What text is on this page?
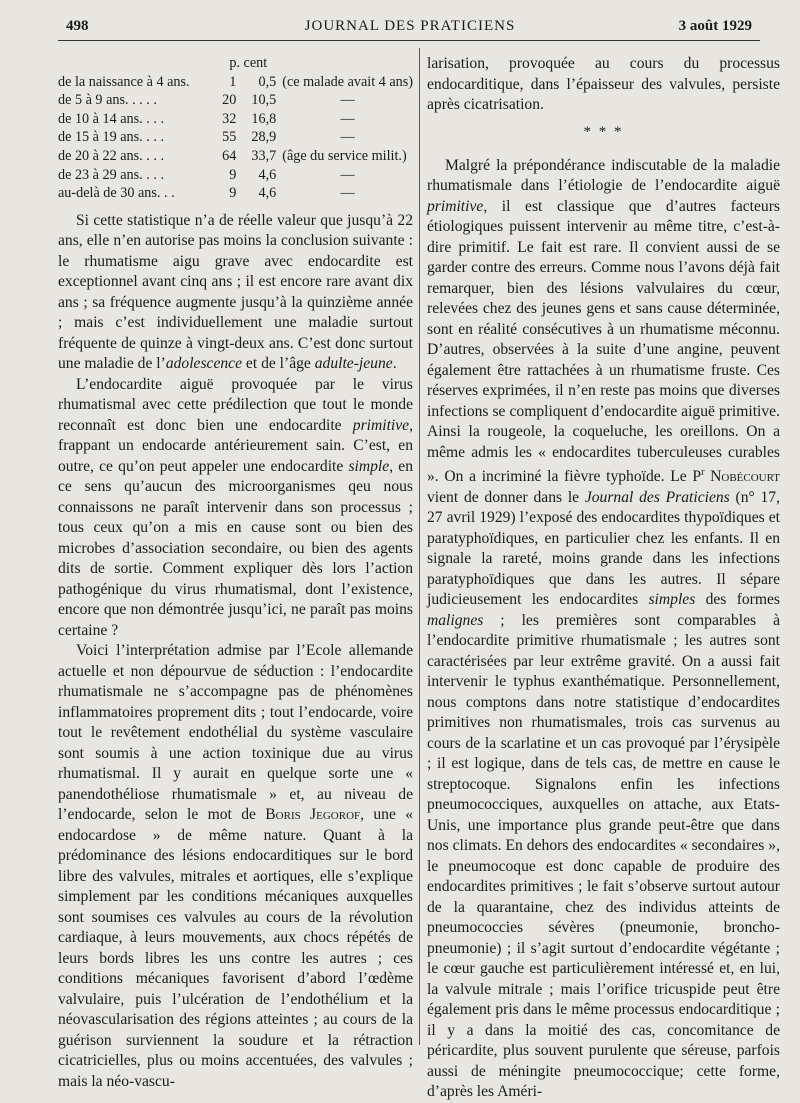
498	JOURNAL DES PRATICIENS	3 août 1929
	p. cent		
de la naissance à 4 ans.	1	0,5	(ce malade avait 4 ans)
de 5 à 9 ans. . . . .	20	10,5	—
de 10 à 14 ans. . . .	32	16,8	—
de 15 à 19 ans. . . .	55	28,9	—
de 20 à 22 ans. . . .	64	33,7	(âge du service milit.)
de 23 à 29 ans. . . .	9	4,6	—
au-delà de 30 ans. . .	9	4,6	—

Si cette statistique n’a de réelle valeur que jusqu’à 22 ans, elle n’en autorise pas moins la conclusion suivante : le rhumatisme aigu grave avec endocardite est exceptionnel avant cinq ans ; il est encore rare avant dix ans ; sa fréquence augmente jusqu’à la quinzième année ; mais c’est individuellement une maladie surtout fréquente de quinze à vingt-deux ans. C’est donc surtout une maladie de l’adolescence et de l’âge adulte-jeune.

L’endocardite aiguë provoquée par le virus rhumatismal avec cette prédilection que tout le monde reconnaît est donc bien une endocardite primitive, frappant un endocarde antérieurement sain. C’est, en outre, ce qu’on peut appeler une endocardite simple, en ce sens qu’aucun des microorganismes qeu nous connaissons ne paraît intervenir dans son processus ; tous ceux qu’on a mis en cause sont ou bien des microbes d’association secondaire, ou bien des agents dits de sortie. Comment expliquer dès lors l’action pathogénique du virus rhumatismal, dont l’existence, encore que non démontrée jusqu’ici, ne paraît pas moins certaine ?

Voici l’interprétation admise par l’Ecole allemande actuelle et non dépourvue de séduction : l’endocardite rhumatismale ne s’accompagne pas de phénomènes inflammatoires proprement dits ; tout l’endocarde, voire tout le revêtement endothélial du système vasculaire sont soumis à une action toxinique due au virus rhumatismal. Il y aurait en quelque sorte une « panendothéliose rhumatismale » et, au niveau de l’endocarde, selon le mot de Boris Jegorof, une « endocardose » de même nature. Quant à la prédominance des lésions endocarditiques sur le bord libre des valvules, mitrales et aortiques, elle s’explique simplement par les conditions mécaniques auxquelles sont soumises ces valvules au cours de la révolution cardiaque, à leurs mouvements, aux chocs répétés de leurs bords libres les uns contre les autres ; ces conditions mécaniques favorisent d’abord l’œdème valvulaire, puis l’ulcération de l’endothélium et la néovascularisation des régions atteintes ; au cours de la guérison surviennent la soudure et la rétraction cicatricielles, plus ou moins accentuées, des valvules ; mais la néo-vascu-

larisation, provoquée au cours du processus endocarditique, dans l’épaisseur des valvules, persiste après cicatrisation.

* * *

Malgré la prépondérance indiscutable de la maladie rhumatismale dans l’étiologie de l’endocardite aiguë primitive, il est classique que d’autres facteurs étiologiques puissent intervenir au même titre, c’est-à-dire primitif. Le fait est rare. Il convient aussi de se garder contre des erreurs. Comme nous l’avons déjà fait remarquer, bien des lésions valvulaires du cœur, relevées chez des jeunes gens et sans cause déterminée, sont en réalité consécutives à un rhumatisme méconnu. D’autres, observées à la suite d’une angine, peuvent également être rattachées à un rhumatisme fruste. Ces réserves exprimées, il n’en reste pas moins que diverses infections se compliquent d’endocardite aiguë primitive. Ainsi la rougeole, la coqueluche, les oreillons. On a même admis les « endocardites tuberculeuses curables ». On a incriminé la fièvre typhoïde. Le $P^r$ Nobécourt vient de donner dans le Journal des Praticiens (n° 17, 27 avril 1929) l’exposé des endocardites thypoïdiques et paratyphoïdiques, en particulier chez les enfants. Il en signale la rareté, moins grande dans les infections paratyphoïdiques que dans les autres. Il sépare judicieusement les endocardites simples des formes malignes ; les premières sont comparables à l’endocardite primitive rhumatismale ; les autres sont caractérisées par leur extrême gravité. On a aussi fait intervenir le typhus exanthématique. Personnellement, nous comptons dans notre statistique d’endocardites primitives non rhumatismales, trois cas survenus au cours de la scarlatine et un cas provoqué par l’érysipèle ; il est logique, dans de tels cas, de mettre en cause le streptocoque. Signalons enfin les infections pneumococciques, auxquelles on attache, aux Etats-Unis, une importance plus grande peut-être que dans nos climats. En dehors des endocardites « secondaires », le pneumocoque est donc capable de produire des endocardites primitives ; le fait s’observe surtout autour de la quarantaine, chez des individus atteints de pneumococcies sévères (pneumonie, broncho-pneumonie) ; il s’agit surtout d’endocardite végétante ; le cœur gauche est particulièrement intéressé et, en lui, la valvule mitrale ; mais l’orifice tricuspide peut être également pris dans le même processus endocarditique ; il y a dans la moitié des cas, concomitance de péricardite, plus souvent purulente que séreuse, parfois aussi de méningite pneumococcique; cette forme, d’après les Améri-
